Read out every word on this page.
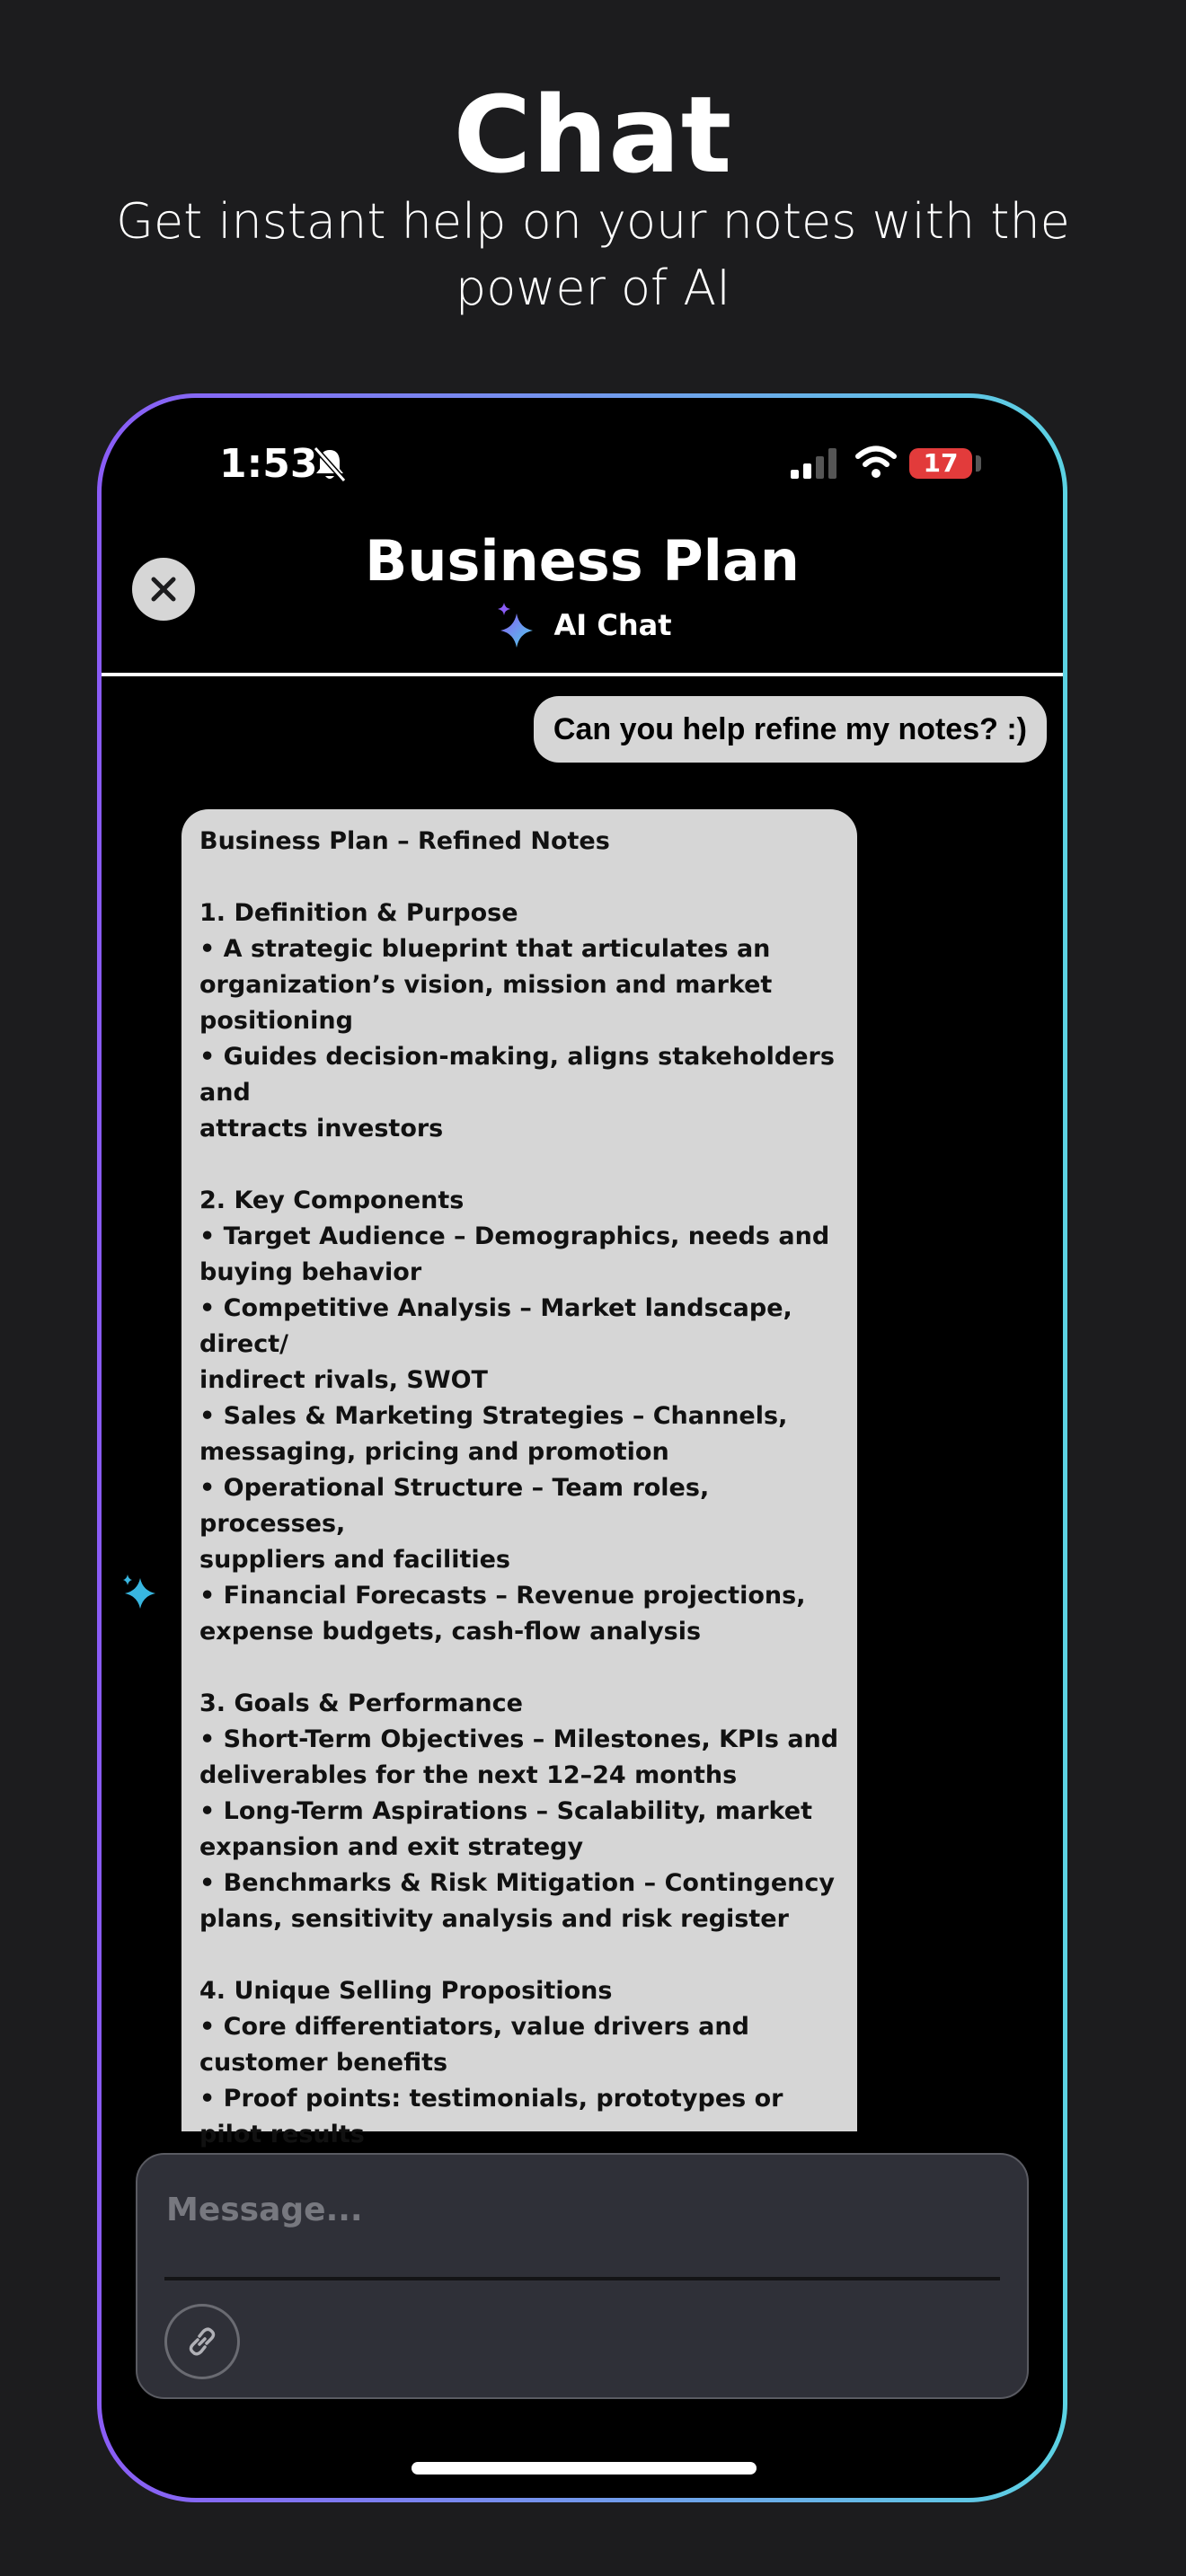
Chat
Get instant help on your notes with the power of AI
1:53	17
Business Plan
AI Chat
Can you help refine my notes? :)
Business Plan – Refined Notes

1. Definition & Purpose
• A strategic blueprint that articulates an
organization’s vision, mission and market
positioning
• Guides decision-making, aligns stakeholders and
attracts investors

2. Key Components
• Target Audience – Demographics, needs and
buying behavior
• Competitive Analysis – Market landscape, direct/
indirect rivals, SWOT
• Sales & Marketing Strategies – Channels,
messaging, pricing and promotion
• Operational Structure – Team roles, processes,
suppliers and facilities
• Financial Forecasts – Revenue projections,
expense budgets, cash-flow analysis

3. Goals & Performance
• Short-Term Objectives – Milestones, KPIs and
deliverables for the next 12–24 months
• Long-Term Aspirations – Scalability, market
expansion and exit strategy
• Benchmarks & Risk Mitigation – Contingency
plans, sensitivity analysis and risk register

4. Unique Selling Propositions
• Core differentiators, value drivers and
customer benefits
• Proof points: testimonials, prototypes or
pilot results

Message...
